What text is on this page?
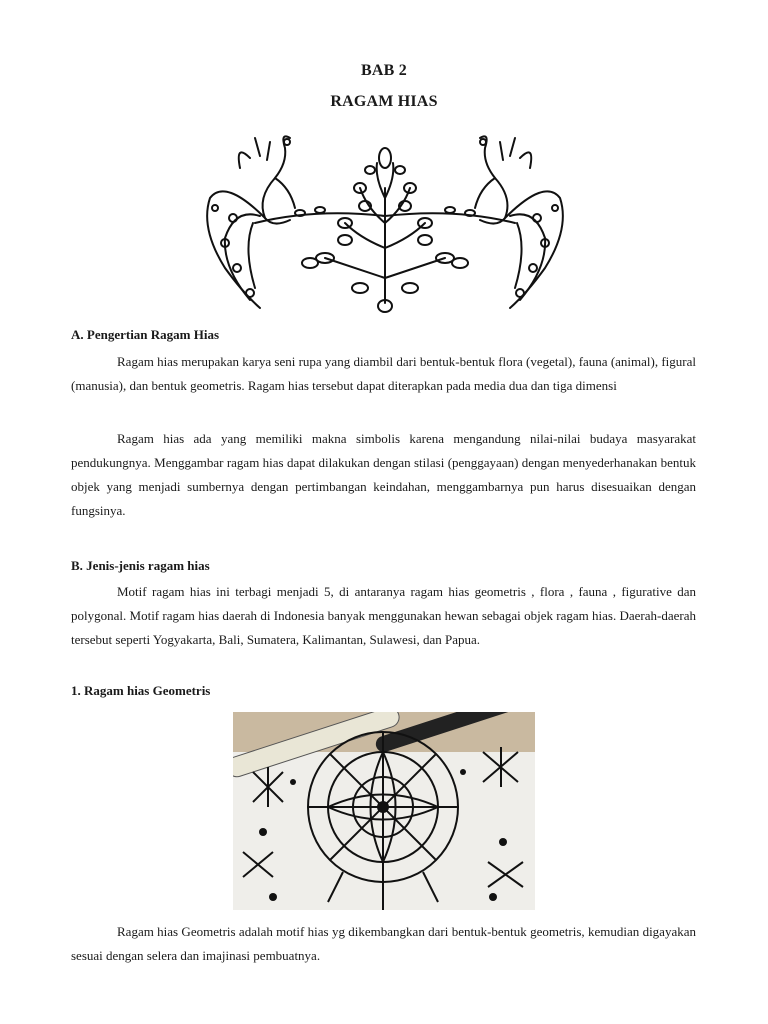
BAB 2
RAGAM HIAS
A. Pengertian Ragam Hias

Ragam hias merupakan karya seni rupa yang diambil dari bentuk-bentuk flora (vegetal), fauna (animal), figural (manusia), dan bentuk geometris. Ragam hias tersebut dapat diterapkan pada media dua dan tiga dimensi

Ragam hias ada yang memiliki makna simbolis karena mengandung nilai-nilai budaya masyarakat pendukungnya. Menggambar ragam hias dapat dilakukan dengan stilasi (penggayaan) dengan menyederhanakan bentuk objek yang menjadi sumbernya dengan pertimbangan keindahan, menggambarnya pun harus disesuaikan dengan fungsinya.

B. Jenis-jenis ragam hias

Motif ragam hias ini terbagi menjadi 5, di antaranya ragam hias geometris , flora , fauna , figurative dan polygonal. Motif ragam hias daerah di Indonesia banyak menggunakan hewan sebagai objek ragam hias. Daerah-daerah tersebut seperti Yogyakarta, Bali, Sumatera, Kalimantan, Sulawesi, dan Papua.

1. Ragam hias Geometris

Ragam hias Geometris adalah motif hias yg dikembangkan dari bentuk-bentuk geometris, kemudian digayakan sesuai dengan selera dan imajinasi pembuatnya.
